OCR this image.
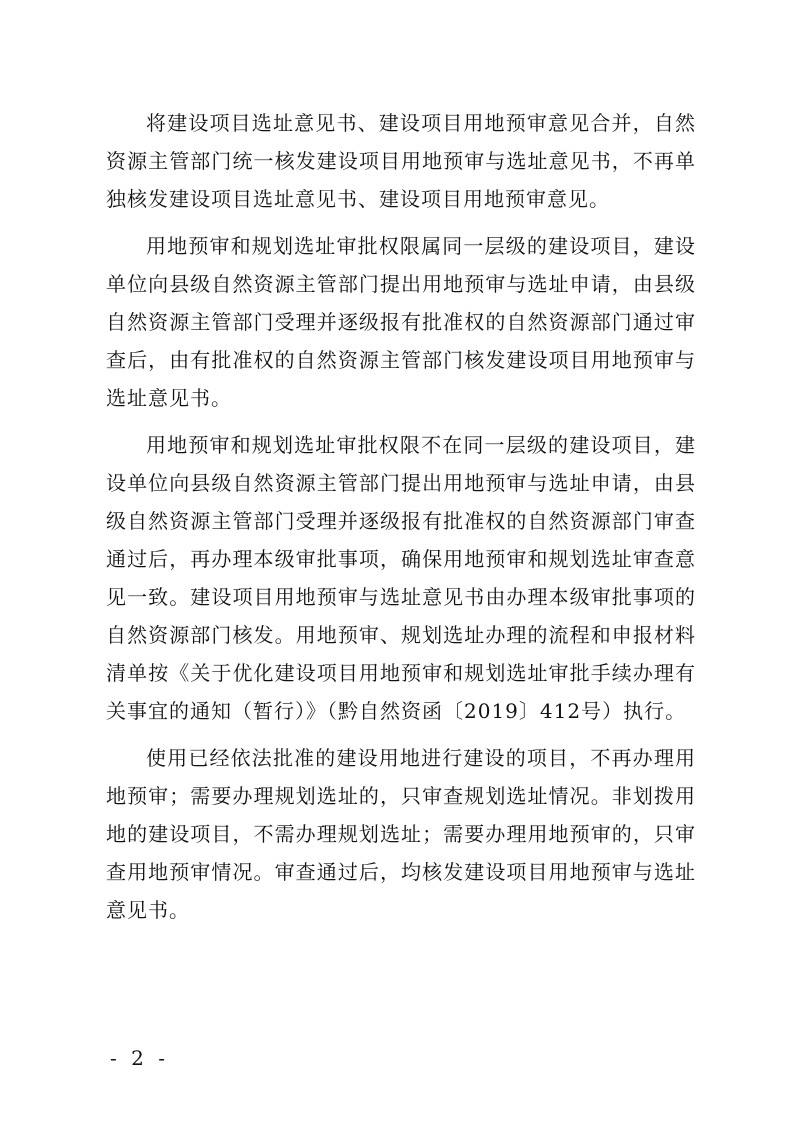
将建设项目选址意见书、建设项目用地预审意见合并，自然资源主管部门统一核发建设项目用地预审与选址意见书，不再单独核发建设项目选址意见书、建设项目用地预审意见。

用地预审和规划选址审批权限属同一层级的建设项目，建设单位向县级自然资源主管部门提出用地预审与选址申请，由县级自然资源主管部门受理并逐级报有批准权的自然资源部门通过审查后，由有批准权的自然资源主管部门核发建设项目用地预审与选址意见书。

用地预审和规划选址审批权限不在同一层级的建设项目，建设单位向县级自然资源主管部门提出用地预审与选址申请，由县级自然资源主管部门受理并逐级报有批准权的自然资源部门审查通过后，再办理本级审批事项，确保用地预审和规划选址审查意见一致。建设项目用地预审与选址意见书由办理本级审批事项的自然资源部门核发。用地预审、规划选址办理的流程和申报材料清单按《关于优化建设项目用地预审和规划选址审批手续办理有关事宜的通知（暂行）》（黔自然资函〔2019〕412号）执行。

使用已经依法批准的建设用地进行建设的项目，不再办理用地预审；需要办理规划选址的，只审查规划选址情况。非划拨用地的建设项目，不需办理规划选址；需要办理用地预审的，只审查用地预审情况。审查通过后，均核发建设项目用地预审与选址意见书。

- 2 -
